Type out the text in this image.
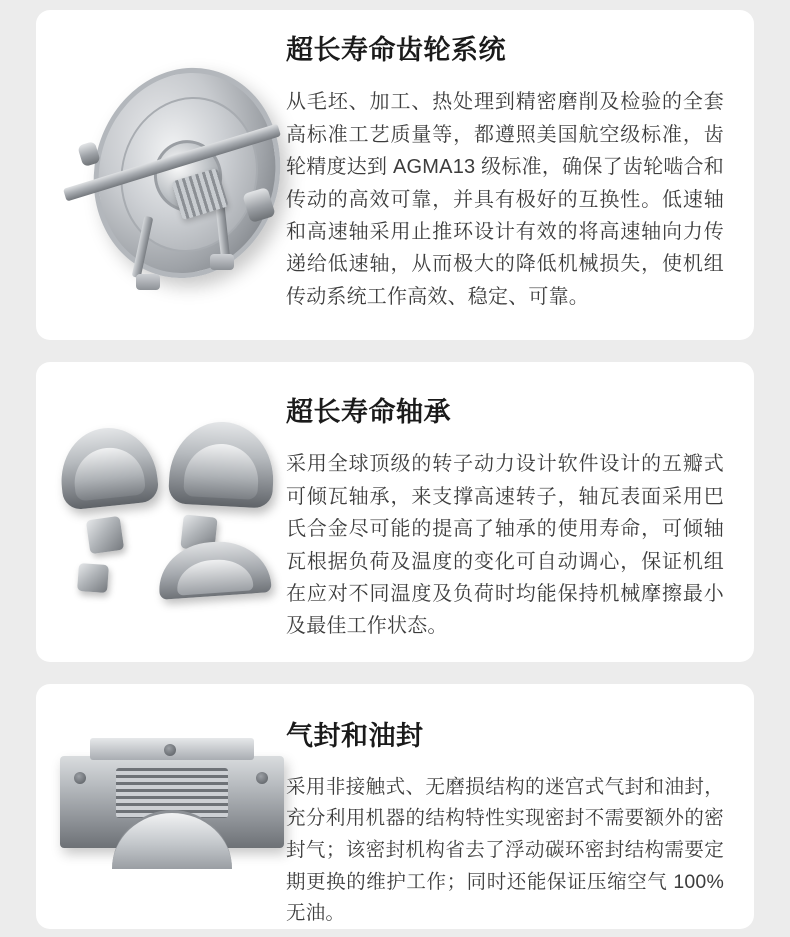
超长寿命齿轮系统

从毛坯、加工、热处理到精密磨削及检验的全套高标准工艺质量等，都遵照美国航空级标准，齿轮精度达到 AGMA13 级标准，确保了齿轮啮合和传动的高效可靠，并具有极好的互换性。低速轴和高速轴采用止推环设计有效的将高速轴向力传递给低速轴，从而极大的降低机械损失，使机组传动系统工作高效、稳定、可靠。

超长寿命轴承

采用全球顶级的转子动力设计软件设计的五瓣式可倾瓦轴承，来支撑高速转子，轴瓦表面采用巴氏合金尽可能的提高了轴承的使用寿命，可倾轴瓦根据负荷及温度的变化可自动调心，保证机组在应对不同温度及负荷时均能保持机械摩擦最小及最佳工作状态。

气封和油封

采用非接触式、无磨损结构的迷宫式气封和油封，充分利用机器的结构特性实现密封不需要额外的密封气；该密封机构省去了浮动碳环密封结构需要定期更换的维护工作；同时还能保证压缩空气 100% 无油。
